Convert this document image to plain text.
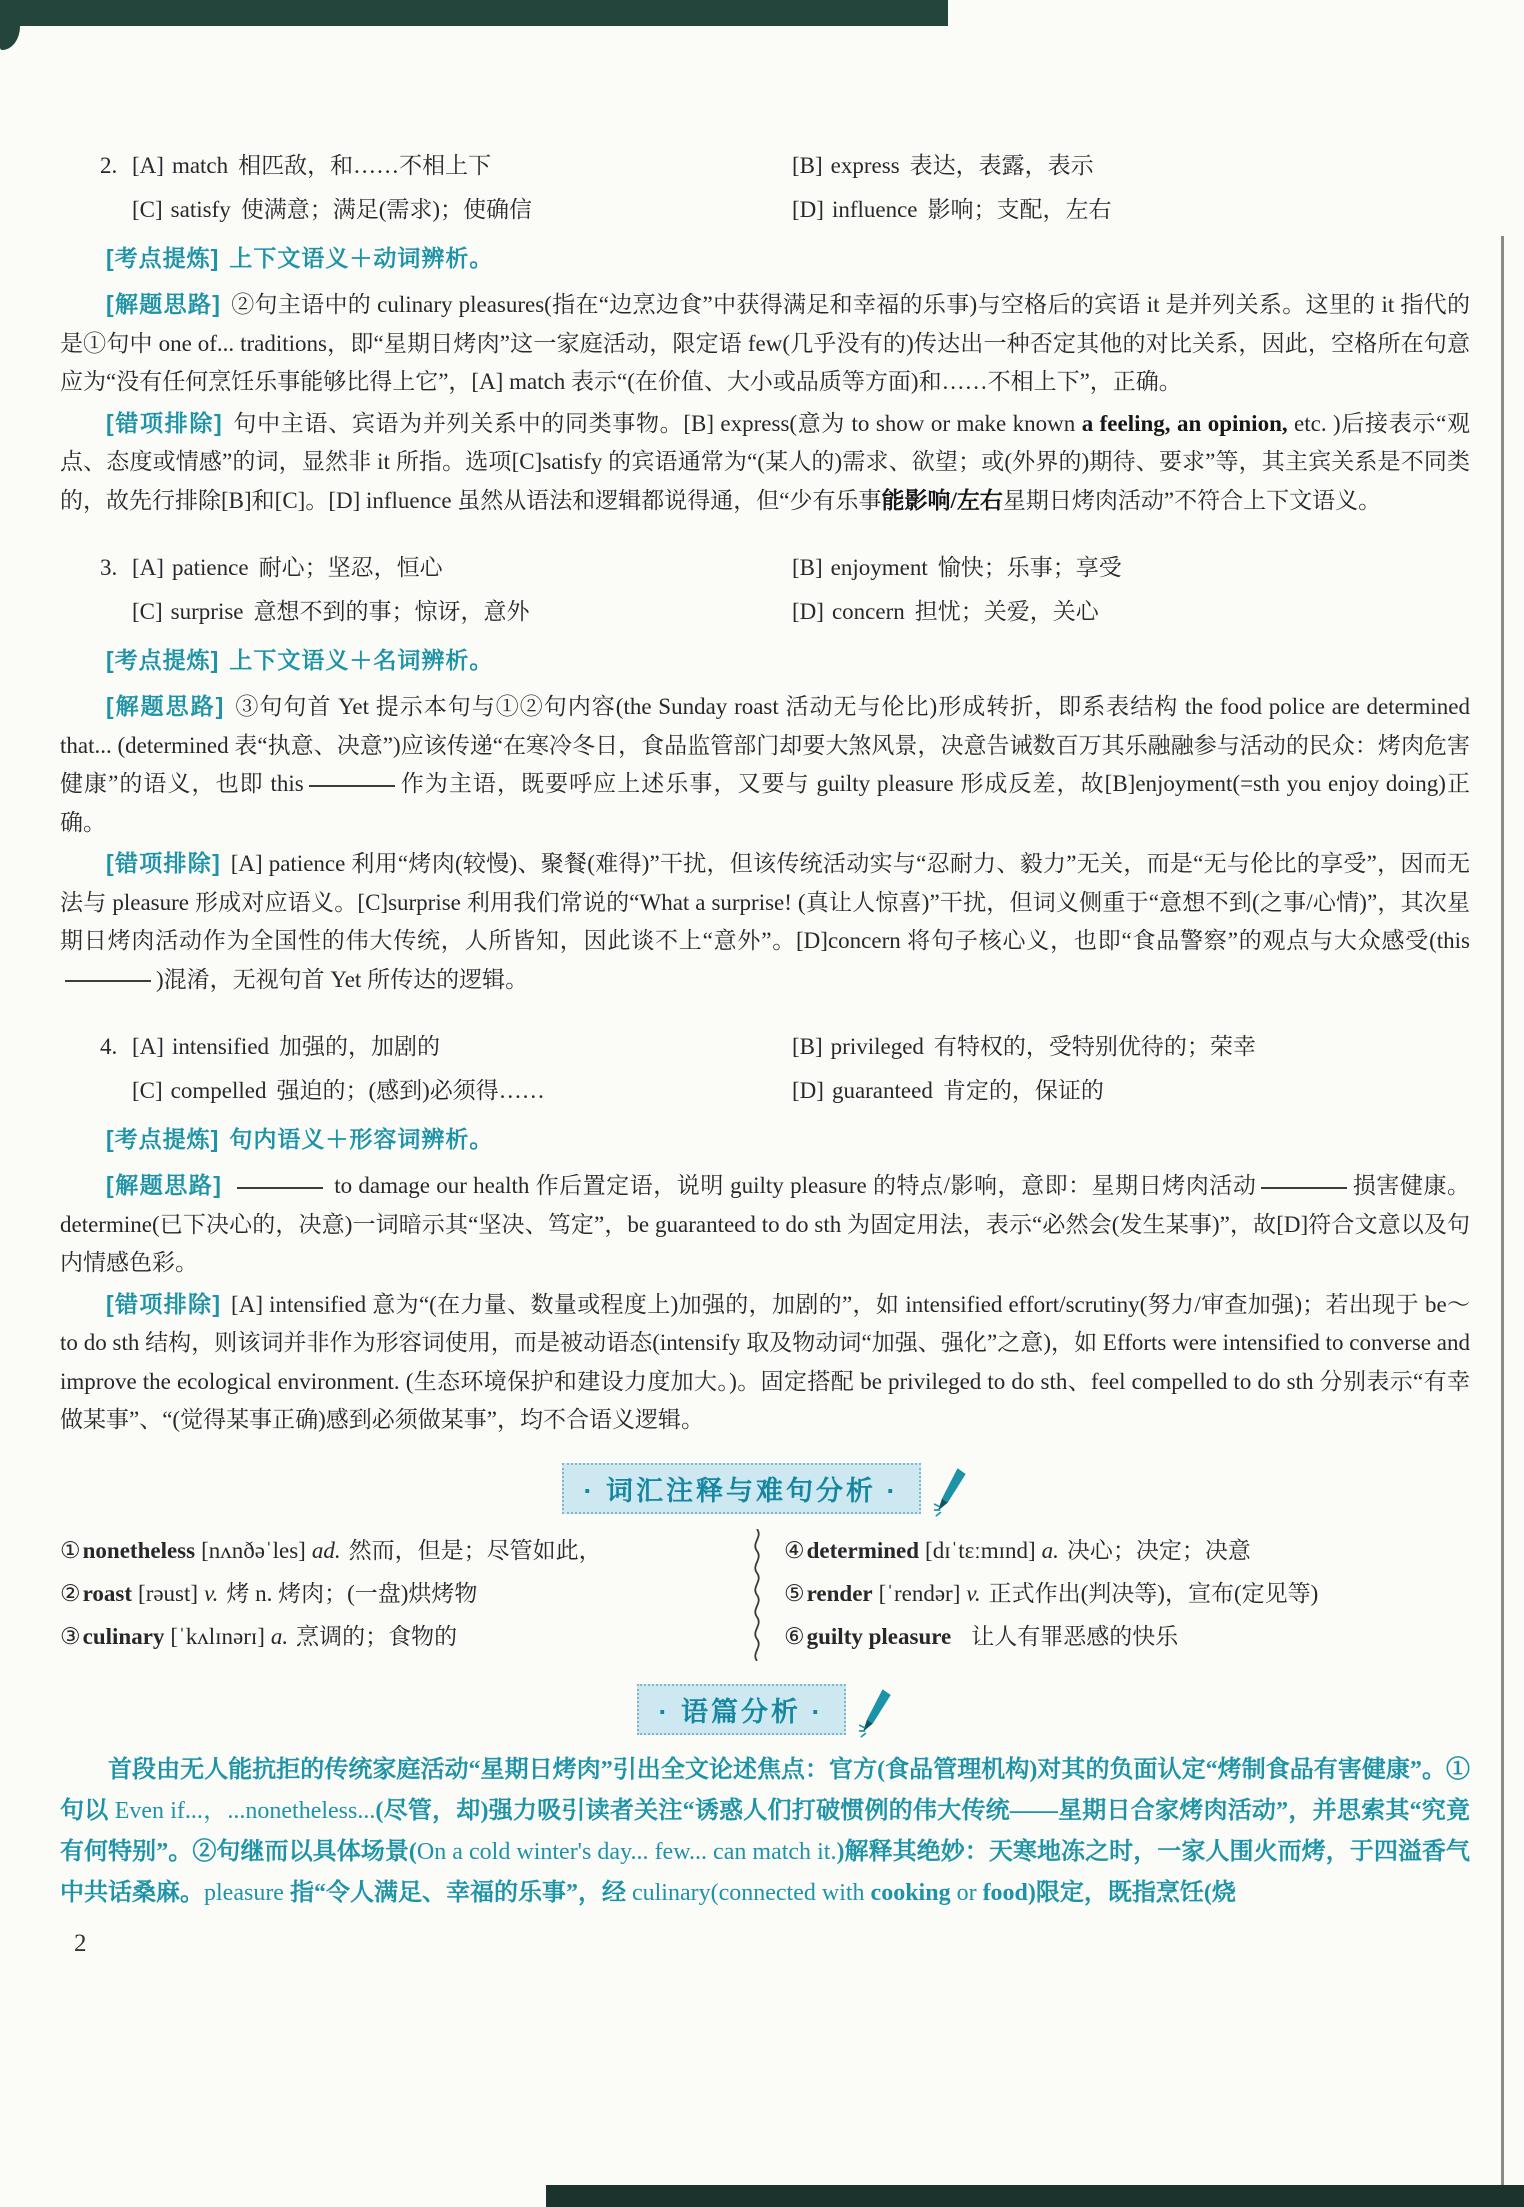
2. [A] match 相匹敌，和……不相上下	[B] express 表达，表露，表示
[C] satisfy 使满意；满足(需求)；使确信	[D] influence 影响；支配，左右

[考点提炼] 上下文语义＋动词辨析。

[解题思路] ②句主语中的 culinary pleasures(指在“边烹边食”中获得满足和幸福的乐事)与空格后的宾语 it 是并列关系。这里的 it 指代的是①句中 one of... traditions，即“星期日烤肉”这一家庭活动，限定语 few(几乎没有的)传达出一种否定其他的对比关系，因此，空格所在句意应为“没有任何烹饪乐事能够比得上它”，[A] match 表示“(在价值、大小或品质等方面)和……不相上下”，正确。

[错项排除] 句中主语、宾语为并列关系中的同类事物。[B] express(意为 to show or make known a feeling, an opinion, etc. )后接表示“观点、态度或情感”的词，显然非 it 所指。选项[C]satisfy 的宾语通常为“(某人的)需求、欲望；或(外界的)期待、要求”等，其主宾关系是不同类的，故先行排除[B]和[C]。[D] influence 虽然从语法和逻辑都说得通，但“少有乐事能影响/左右星期日烤肉活动”不符合上下文语义。

3. [A] patience 耐心；坚忍，恒心	[B] enjoyment 愉快；乐事；享受
[C] surprise 意想不到的事；惊讶，意外	[D] concern 担忧；关爱，关心

[考点提炼] 上下文语义＋名词辨析。

[解题思路] ③句句首 Yet 提示本句与①②句内容(the Sunday roast 活动无与伦比)形成转折，即系表结构 the food police are determined that... (determined 表“执意、决意”)应该传递“在寒冷冬日，食品监管部门却要大煞风景，决意告诫数百万其乐融融参与活动的民众：烤肉危害健康”的语义，也即 this	作为主语，既要呼应上述乐事，又要与 guilty pleasure 形成反差，故[B]enjoyment(=sth you enjoy doing)正确。

[错项排除] [A] patience 利用“烤肉(较慢)、聚餐(难得)”干扰，但该传统活动实与“忍耐力、毅力”无关，而是“无与伦比的享受”，因而无法与 pleasure 形成对应语义。[C]surprise 利用我们常说的“What a surprise! (真让人惊喜)”干扰，但词义侧重于“意想不到(之事/心情)”，其次星期日烤肉活动作为全国性的伟大传统，人所皆知，因此谈不上“意外”。[D]concern 将句子核心义，也即“食品警察”的观点与大众感受(this )混淆，无视句首 Yet 所传达的逻辑。

4. [A] intensified 加强的，加剧的	[B] privileged 有特权的，受特别优待的；荣幸
[C] compelled 强迫的；(感到)必须得……	[D] guaranteed 肯定的，保证的

[考点提炼] 句内语义＋形容词辨析。

[解题思路]	to damage our health 作后置定语，说明 guilty pleasure 的特点/影响，意即：星期日烤肉活动	损害健康。determine(已下决心的，决意)一词暗示其“坚决、笃定”，be guaranteed to do sth 为固定用法，表示“必然会(发生某事)”，故[D]符合文意以及句内情感色彩。

[错项排除] [A] intensified 意为“(在力量、数量或程度上)加强的，加剧的”，如 intensified effort/scrutiny(努力/审查加强)；若出现于 be～to do sth 结构，则该词并非作为形容词使用，而是被动语态(intensify 取及物动词“加强、强化”之意)，如 Efforts were intensified to converse and improve the ecological environment. (生态环境保护和建设力度加大。)。固定搭配 be privileged to do sth、feel compelled to do sth 分别表示“有幸做某事”、“(觉得某事正确)感到必须做某事”，均不合语义逻辑。

· 词汇注释与难句分析 ·
①nonetheless [nʌnðəˈles] ad. 然而，但是；尽管如此，
②roast [rəust] v. 烤 n. 烤肉；(一盘)烘烤物
③culinary [ˈkʌlɪnərɪ] a. 烹调的；食物的
④determined [dɪˈtɛːmɪnd] a. 决心；决定；决意
⑤render [ˈrendər] v. 正式作出(判决等)，宣布(定见等)
⑥guilty pleasure 让人有罪恶感的快乐
· 语篇分析 ·

首段由无人能抗拒的传统家庭活动“星期日烤肉”引出全文论述焦点：官方(食品管理机构)对其的负面认定“烤制食品有害健康”。①句以 Even if...，...nonetheless...(尽管，却)强力吸引读者关注“诱惑人们打破惯例的伟大传统——星期日合家烤肉活动”，并思索其“究竟有何特别”。②句继而以具体场景(On a cold winter's day... few... can match it.)解释其绝妙：天寒地冻之时，一家人围火而烤，于四溢香气中共话桑麻。pleasure 指“令人满足、幸福的乐事”，经 culinary(connected with cooking or food)限定，既指烹饪(烧

2
